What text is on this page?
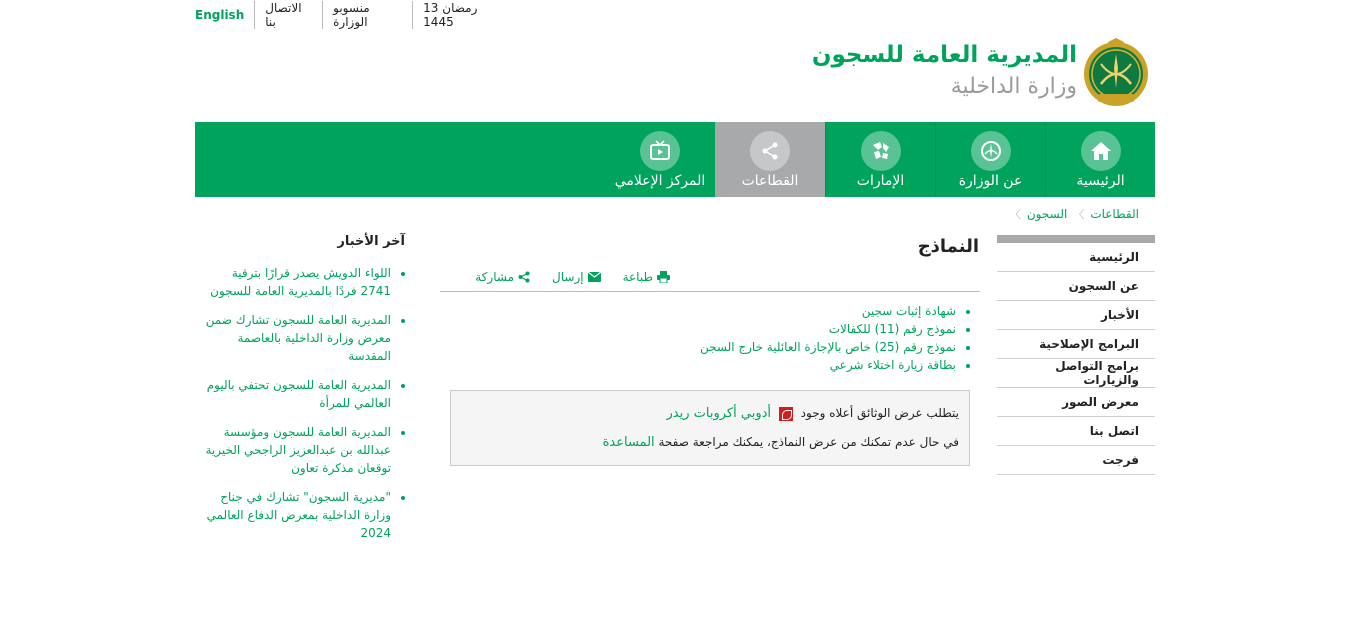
English	الاتصال بنا
منسوبو الوزارة
13 رمضان 1445
المديرية العامة للسجون
وزارة الداخلية
الرئيسية
عن الوزارة
الإمارات
القطاعات
المركز الإعلامي
القطاعات
〉
السجون
〉
الرئيسية
عن السجون
الأخبار
البرامج الإصلاحية
برامج التواصل والزيارات
معرض الصور
اتصل بنا
فرجت
النماذج
طباعة
إرسال
مشاركة
• شهادة إثبات سجين
• نموذج رقم (11) للكفالات
• نموذج رقم (25) خاص بالإجازة العائلية خارج السجن
• بطاقة زيارة اختلاء شرعي
يتطلب عرض الوثائق أعلاه وجود  أدوبي أكروبات ريدر
في حال عدم تمكنك من عرض النماذج، يمكنك مراجعة صفحة المساعدة
آخر الأخبار
• اللواء الدويش يصدر قرارًا بترقية 2741 فردًا بالمديرية العامة للسجون
• المديرية العامة للسجون تشارك ضمن معرض وزارة الداخلية بالعاصمة المقدسة
• المديرية العامة للسجون تحتفي باليوم العالمي للمرأة
• المديرية العامة للسجون ومؤسسة عبدالله بن عبدالعزيز الراجحي الخيرية توقعان مذكرة تعاون
• "مديرية السجون" تشارك في جناح وزارة الداخلية بمعرض الدفاع العالمي 2024
